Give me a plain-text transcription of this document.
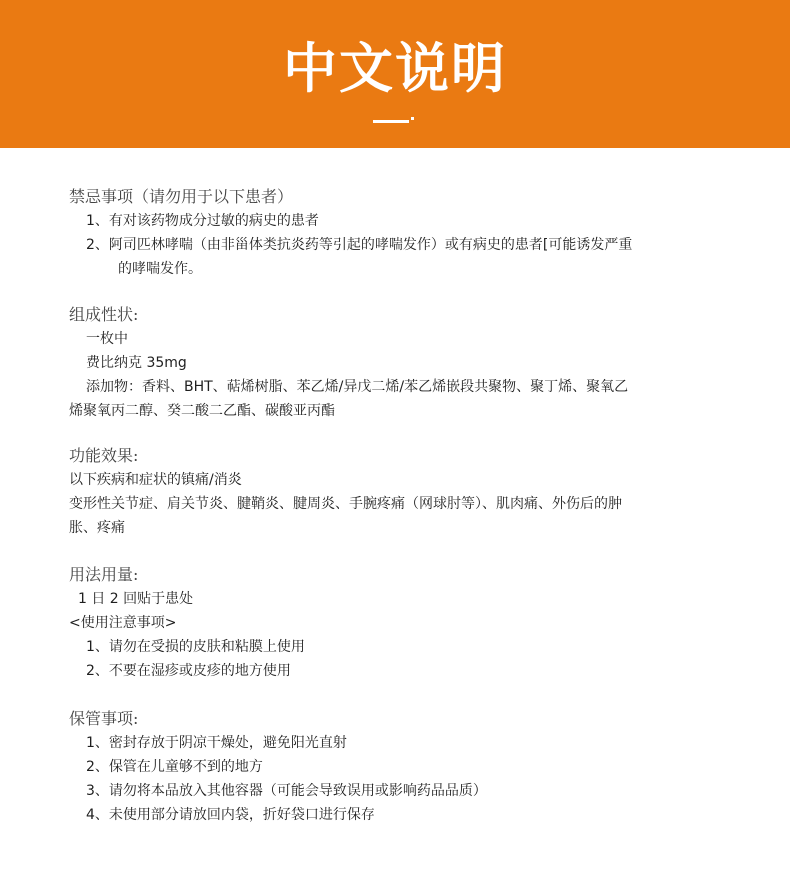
中文说明
禁忌事项（请勿用于以下患者）
1、有对该药物成分过敏的病史的患者
2、阿司匹林哮喘（由非甾体类抗炎药等引起的哮喘发作）或有病史的患者[可能诱发严重
的哮喘发作。
组成性状:
一枚中
费比纳克 35mg
添加物：香料、BHT、萜烯树脂、苯乙烯/异戊二烯/苯乙烯嵌段共聚物、聚丁烯、聚氧乙
烯聚氧丙二醇、癸二酸二乙酯、碳酸亚丙酯
功能效果:
以下疾病和症状的镇痛/消炎
变形性关节症、肩关节炎、腱鞘炎、腱周炎、手腕疼痛（网球肘等）、肌肉痛、外伤后的肿
胀、疼痛
用法用量:
1 日 2 回贴于患处
<使用注意事项>
1、请勿在受损的皮肤和粘膜上使用
2、不要在湿疹或皮疹的地方使用
保管事项:
1、密封存放于阴凉干燥处，避免阳光直射
2、保管在儿童够不到的地方
3、请勿将本品放入其他容器（可能会导致误用或影响药品品质）
4、未使用部分请放回内袋，折好袋口进行保存
